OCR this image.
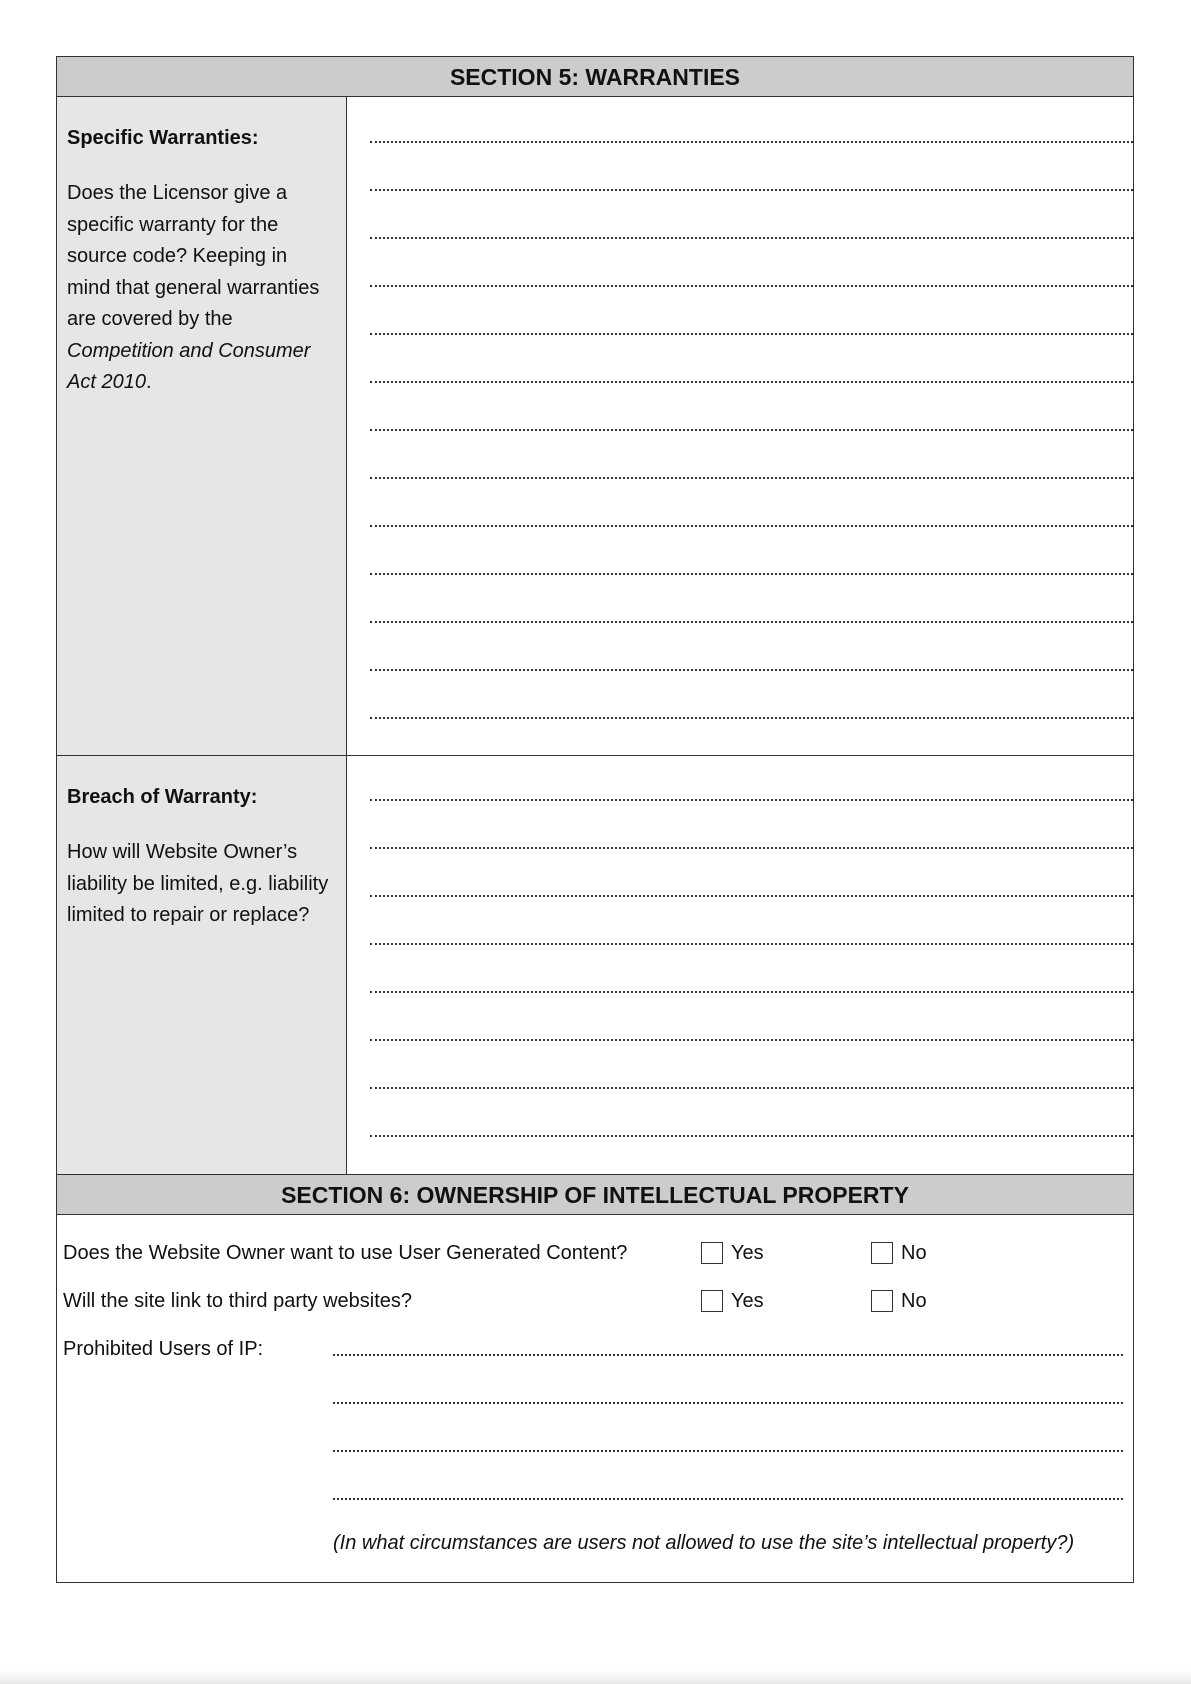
SECTION 5: WARRANTIES
Specific Warranties:
Does the Licensor give a specific warranty for the source code? Keeping in mind that general warranties are covered by the Competition and Consumer Act 2010.
Breach of Warranty:
How will Website Owner’s liability be limited, e.g. liability limited to repair or replace?
SECTION 6: OWNERSHIP OF INTELLECTUAL PROPERTY
Does the Website Owner want to use User Generated Content?	Yes	No
Will the site link to third party websites?	Yes	No
Prohibited Users of IP:
(In what circumstances are users not allowed to use the site’s intellectual property?)
